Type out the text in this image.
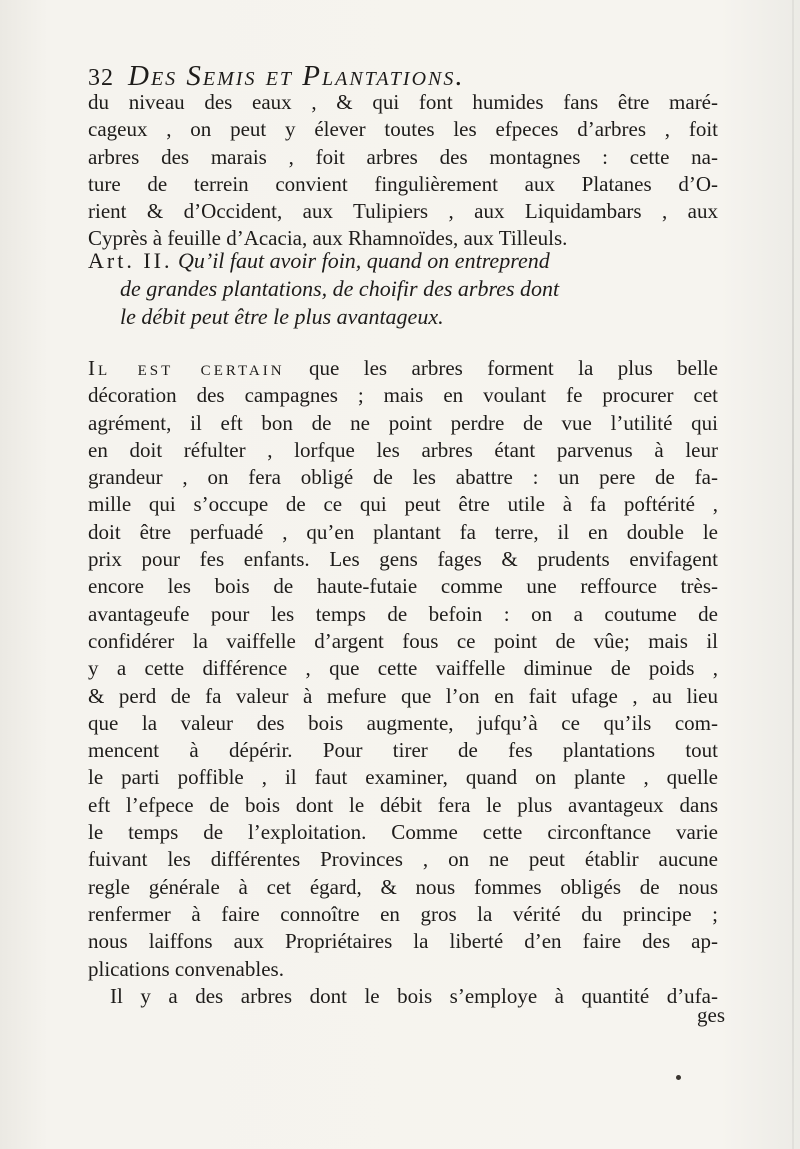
32 Des Semis et Plantations.
du niveau des eaux , & qui font humides fans être maré-
cageux , on peut y élever toutes les efpeces d’arbres , foit
arbres des marais , foit arbres des montagnes : cette na-
ture de terrein convient fingulièrement aux Platanes d’O-
rient & d’Occident, aux Tulipiers , aux Liquidambars , aux
Cyprès à feuille d’Acacia, aux Rhamnoïdes, aux Tilleuls.
Art. II. Qu’il faut avoir foin, quand on entreprend
de grandes plantations, de choifir des arbres dont
le débit peut être le plus avantageux.
Il est certain que les arbres forment la plus belle
décoration des campagnes ; mais en voulant fe procurer cet
agrément, il eft bon de ne point perdre de vue l’utilité qui
en doit réfulter , lorfque les arbres étant parvenus à leur
grandeur , on fera obligé de les abattre : un pere de fa-
mille qui s’occupe de ce qui peut être utile à fa poftérité ,
doit être perfuadé , qu’en plantant fa terre, il en double le
prix pour fes enfants. Les gens fages & prudents envifagent
encore les bois de haute-futaie comme une reffource très-
avantageufe pour les temps de befoin : on a coutume de
confidérer la vaiffelle d’argent fous ce point de vûe; mais il
y a cette différence , que cette vaiffelle diminue de poids ,
& perd de fa valeur à mefure que l’on en fait ufage , au lieu
que la valeur des bois augmente, jufqu’à ce qu’ils com-
mencent à dépérir. Pour tirer de fes plantations tout
le parti poffible , il faut examiner, quand on plante , quelle
eft l’efpece de bois dont le débit fera le plus avantageux dans
le temps de l’exploitation. Comme cette circonftance varie
fuivant les différentes Provinces , on ne peut établir aucune
regle générale à cet égard, & nous fommes obligés de nous
renfermer à faire connoître en gros la vérité du principe ;
nous laiffons aux Propriétaires la liberté d’en faire des ap-
plications convenables.
Il y a des arbres dont le bois s’employe à quantité d’ufa-
ges
